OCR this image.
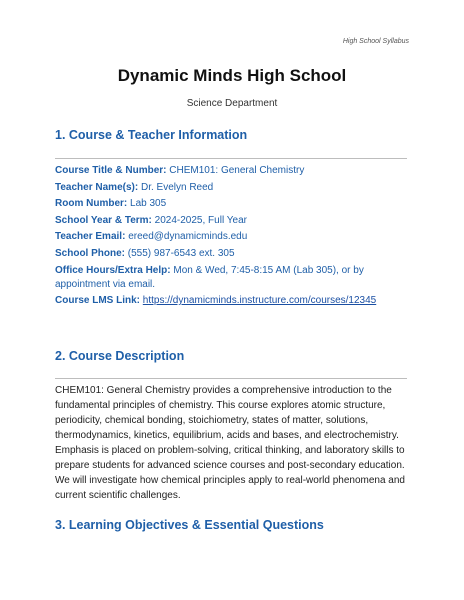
High School Syllabus
Dynamic Minds High School
Science Department
1. Course & Teacher Information
Course Title & Number: CHEM101: General Chemistry
Teacher Name(s): Dr. Evelyn Reed
Room Number: Lab 305
School Year & Term: 2024-2025, Full Year
Teacher Email: ereed@dynamicminds.edu
School Phone: (555) 987-6543 ext. 305
Office Hours/Extra Help: Mon & Wed, 7:45-8:15 AM (Lab 305), or by appointment via email.
Course LMS Link: https://dynamicminds.instructure.com/courses/12345
2. Course Description

CHEM101: General Chemistry provides a comprehensive introduction to the fundamental principles of chemistry. This course explores atomic structure, periodicity, chemical bonding, stoichiometry, states of matter, solutions, thermodynamics, kinetics, equilibrium, acids and bases, and electrochemistry. Emphasis is placed on problem-solving, critical thinking, and laboratory skills to prepare students for advanced science courses and post-secondary education. We will investigate how chemical principles apply to real-world phenomena and current scientific challenges.

3. Learning Objectives & Essential Questions
